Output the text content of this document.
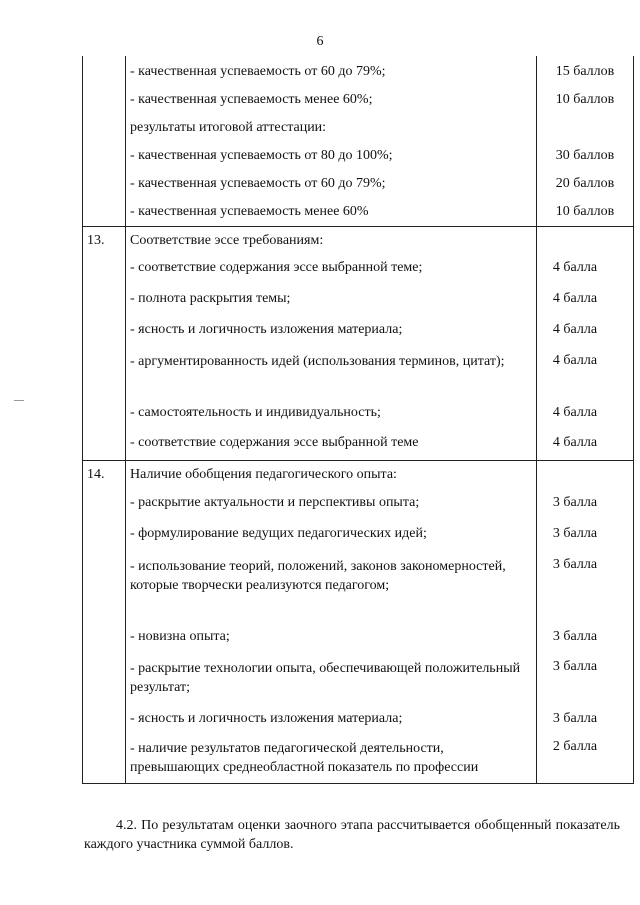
6
	- качественная успеваемость от 60 до 79%;	15 баллов
	- качественная успеваемость менее 60%;	10 баллов
	результаты итоговой аттестации:	
	- качественная успеваемость от 80 до 100%;	30 баллов
	- качественная успеваемость от 60 до 79%;	20 баллов
	- качественная успеваемость менее 60%	10 баллов
13.	Соответствие эссе требованиям:	
	- соответствие содержания эссе выбранной теме;	4 балла
	- полнота раскрытия темы;	4 балла
	- ясность и логичность изложения материала;	4 балла
	- аргументированность идей (использования терминов, цитат);	4 балла
	- самостоятельность и индивидуальность;	4 балла
	- соответствие содержания эссе выбранной теме	4 балла
14.	Наличие обобщения педагогического опыта:	
	- раскрытие актуальности и перспективы опыта;	3 балла
	- формулирование ведущих педагогических идей;	3 балла
	- использование теорий, положений, законов закономерностей, которые творчески реализуются педагогом;	3 балла
	- новизна опыта;	3 балла
	- раскрытие технологии опыта, обеспечивающей положительный результат;	3 балла
	- ясность и логичность изложения материала;	3 балла
	- наличие результатов педагогической деятельности, превышающих среднеобластной показатель по профессии	2 балла
4.2. По результатам оценки заочного этапа рассчитывается обобщенный показатель каждого участника суммой баллов.
